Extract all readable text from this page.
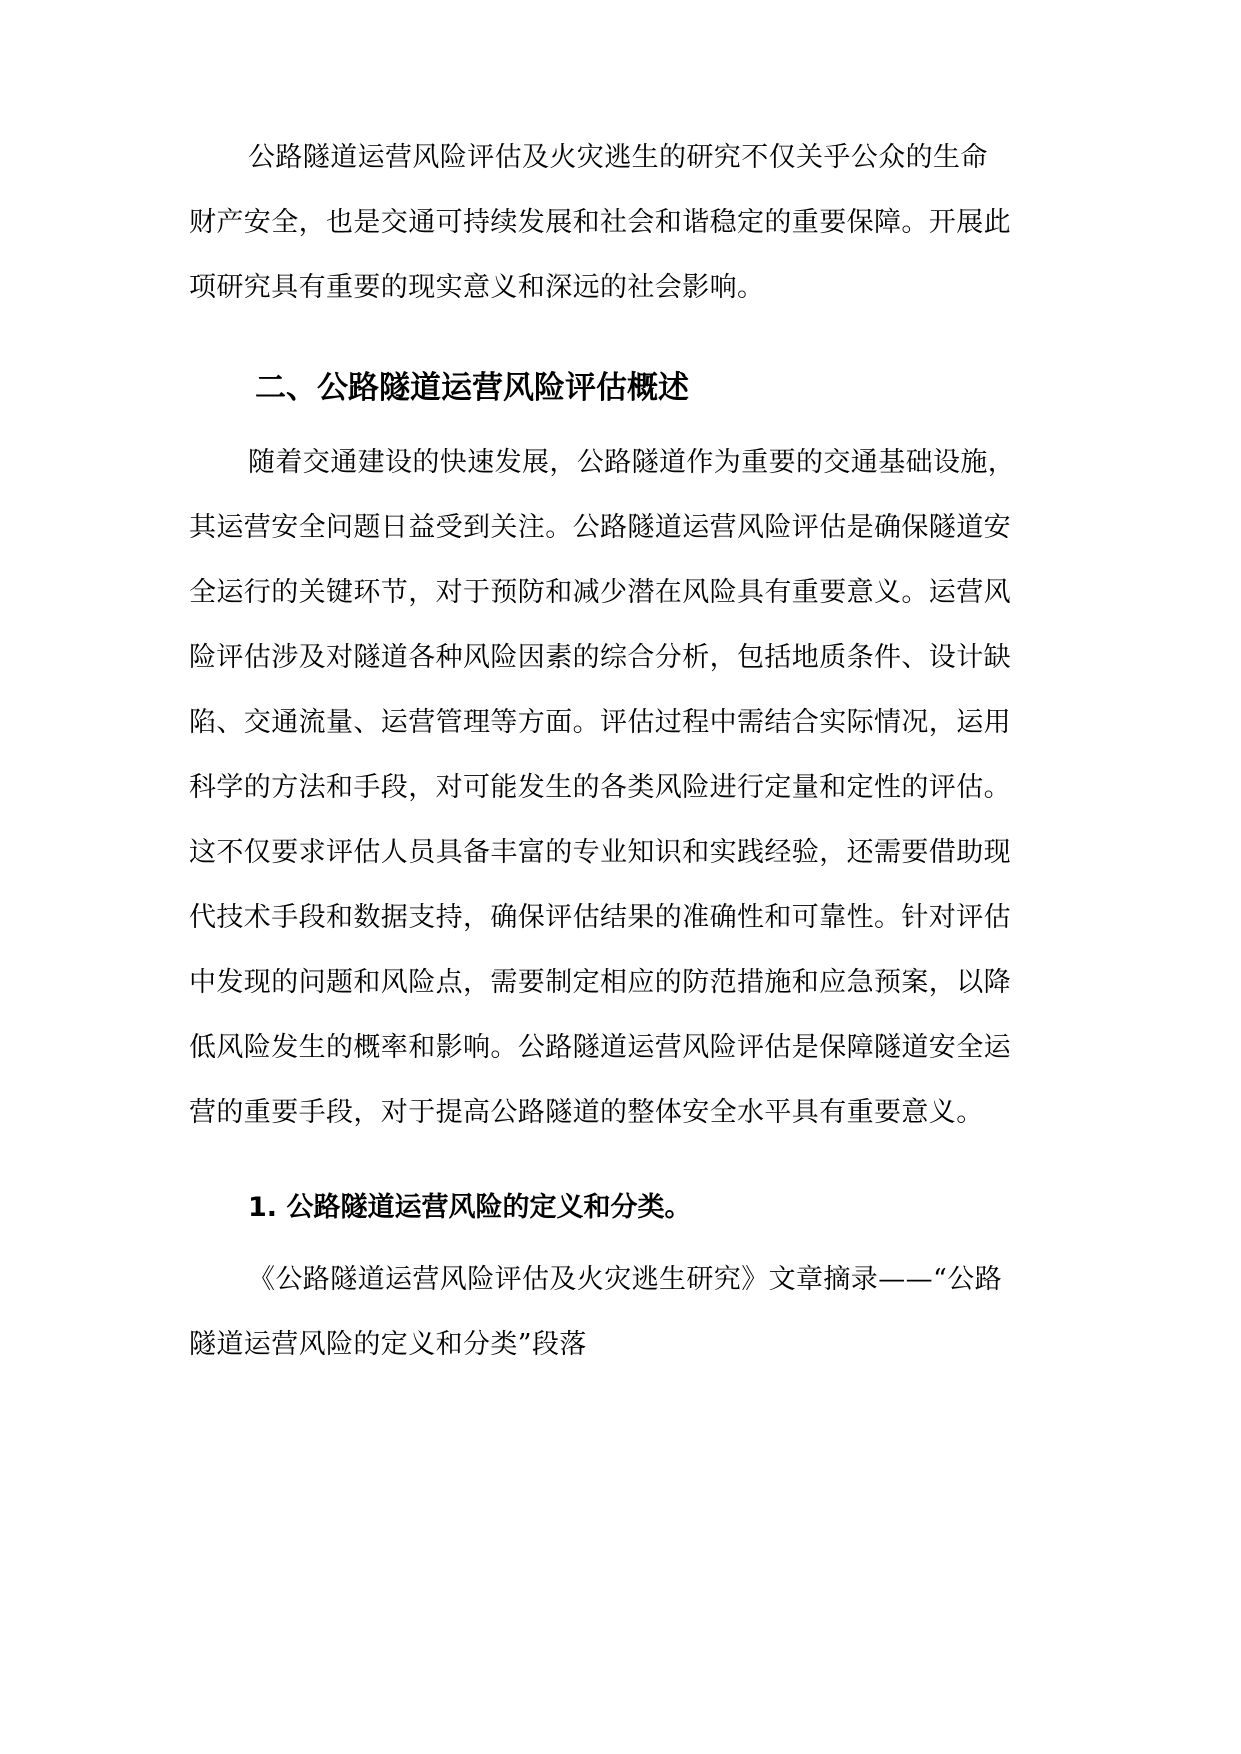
公路隧道运营风险评估及火灾逃生的研究不仅关乎公众的生命

财产安全，也是交通可持续发展和社会和谐稳定的重要保障。开展此

项研究具有重要的现实意义和深远的社会影响。

二、公路隧道运营风险评估概述

随着交通建设的快速发展，公路隧道作为重要的交通基础设施，

其运营安全问题日益受到关注。公路隧道运营风险评估是确保隧道安

全运行的关键环节，对于预防和减少潜在风险具有重要意义。运营风

险评估涉及对隧道各种风险因素的综合分析，包括地质条件、设计缺

陷、交通流量、运营管理等方面。评估过程中需结合实际情况，运用

科学的方法和手段，对可能发生的各类风险进行定量和定性的评估。

这不仅要求评估人员具备丰富的专业知识和实践经验，还需要借助现

代技术手段和数据支持，确保评估结果的准确性和可靠性。针对评估

中发现的问题和风险点，需要制定相应的防范措施和应急预案，以降

低风险发生的概率和影响。公路隧道运营风险评估是保障隧道安全运

营的重要手段，对于提高公路隧道的整体安全水平具有重要意义。

1. 公路隧道运营风险的定义和分类。

《公路隧道运营风险评估及火灾逃生研究》文章摘录——“公路

隧道运营风险的定义和分类”段落
